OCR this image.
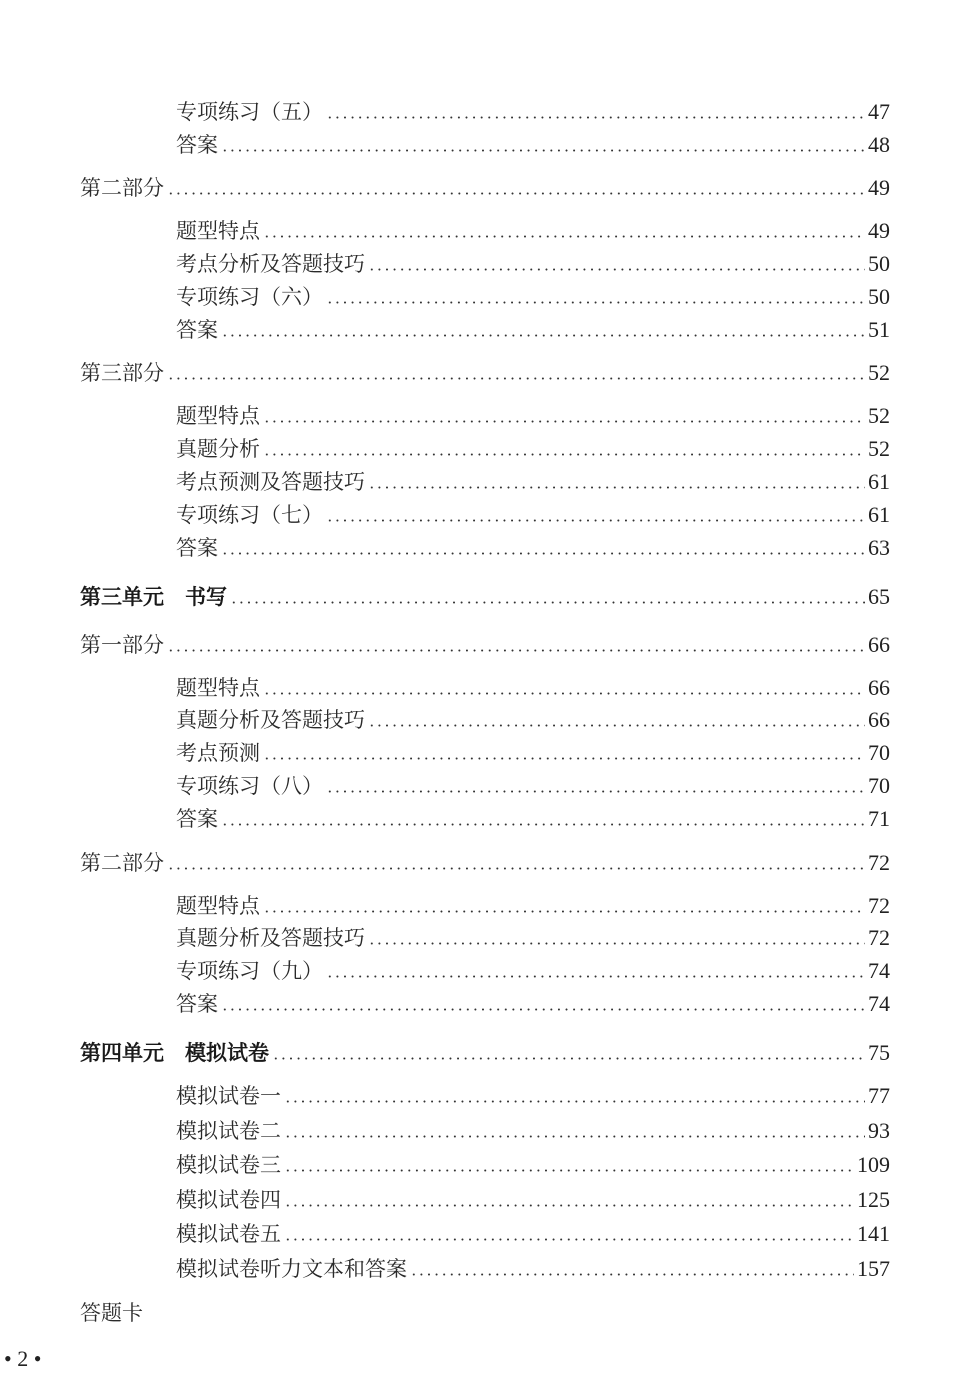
专项练习（五）	47
答案	48
第二部分	49
题型特点	49
考点分析及答题技巧	50
专项练习（六）	50
答案	51
第三部分	52
题型特点	52
真题分析	52
考点预测及答题技巧	61
专项练习（七）	61
答案	63
第三单元　书写	65
第一部分	66
题型特点	66
真题分析及答题技巧	66
考点预测	70
专项练习（八）	70
答案	71
第二部分	72
题型特点	72
真题分析及答题技巧	72
专项练习（九）	74
答案	74
第四单元　模拟试卷	75
模拟试卷一	77
模拟试卷二	93
模拟试卷三	109
模拟试卷四	125
模拟试卷五	141
模拟试卷听力文本和答案	157
答题卡
• 2 •
